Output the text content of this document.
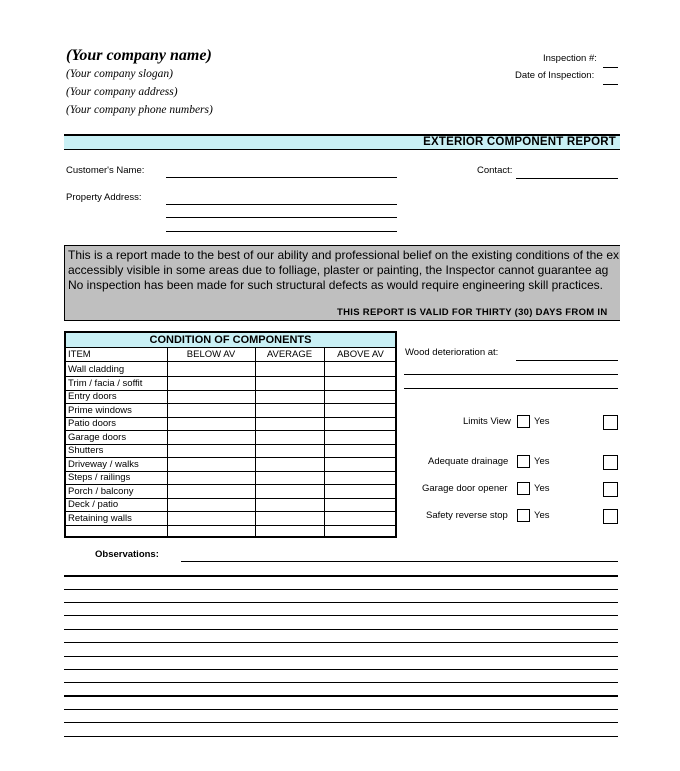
(Your company name)
(Your company slogan)
(Your company address)
(Your company phone numbers)
Inspection #:
Date of Inspection:
EXTERIOR COMPONENT REPORT
Customer's Name:	Contact:
Property Address:
This is a report made to the best of our ability and professional belief on the existing conditions of the ex
accessibly visible in some areas due to folliage, plaster or painting, the Inspector cannot guarantee ag
No inspection has been made for such structural defects as would require engineering skill practices.
THIS REPORT IS VALID FOR THIRTY (30) DAYS FROM IN
CONDITION OF COMPONENTS
ITEM	BELOW AV	AVERAGE	ABOVE AV
Wall cladding
Trim / facia / soffit
Entry doors
Prime windows
Patio doors
Garage doors
Shutters
Driveway / walks
Steps / railings
Porch / balcony
Deck / patio
Retaining walls
Wood deterioration at:
Limits View Yes
Adequate drainage	Yes
Garage door opener	Yes
Safety reverse stop	Yes
Observations:
